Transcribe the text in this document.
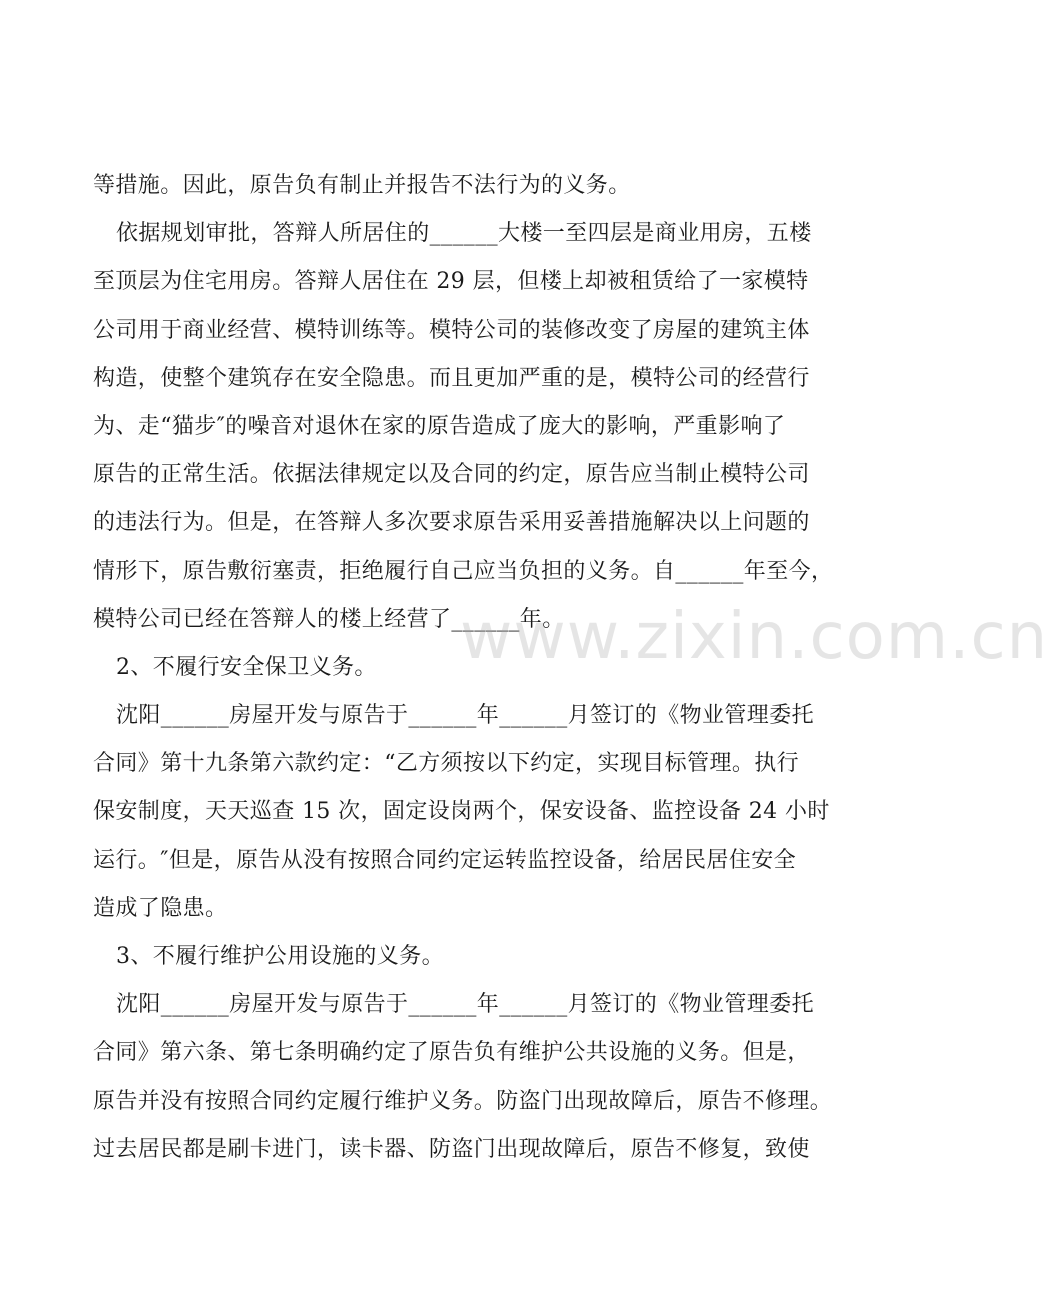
等措施。因此，原告负有制止并报告不法行为的义务。
依据规划审批，答辩人所居住的______大楼一至四层是商业用房，五楼
至顶层为住宅用房。答辩人居住在 29 层，但楼上却被租赁给了一家模特
公司用于商业经营、模特训练等。模特公司的装修改变了房屋的建筑主体
构造，使整个建筑存在安全隐患。而且更加严重的是，模特公司的经营行
为、走“猫步″的噪音对退休在家的原告造成了庞大的影响，严重影响了
原告的正常生活。依据法律规定以及合同的约定，原告应当制止模特公司
的违法行为。但是，在答辩人多次要求原告采用妥善措施解决以上问题的
情形下，原告敷衍塞责，拒绝履行自己应当负担的义务。自______年至今，
模特公司已经在答辩人的楼上经营了______年。
2、不履行安全保卫义务。
沈阳______房屋开发与原告于______年______月签订的《物业管理委托
合同》第十九条第六款约定：“乙方须按以下约定，实现目标管理。执行
保安制度，天天巡查 15 次，固定设岗两个，保安设备、监控设备 24 小时
运行。″但是，原告从没有按照合同约定运转监控设备，给居民居住安全
造成了隐患。
3、不履行维护公用设施的义务。
沈阳______房屋开发与原告于______年______月签订的《物业管理委托
合同》第六条、第七条明确约定了原告负有维护公共设施的义务。但是，
原告并没有按照合同约定履行维护义务。防盗门出现故障后，原告不修理。
过去居民都是刷卡进门，读卡器、防盗门出现故障后，原告不修复，致使
www.zixin.com.cn
